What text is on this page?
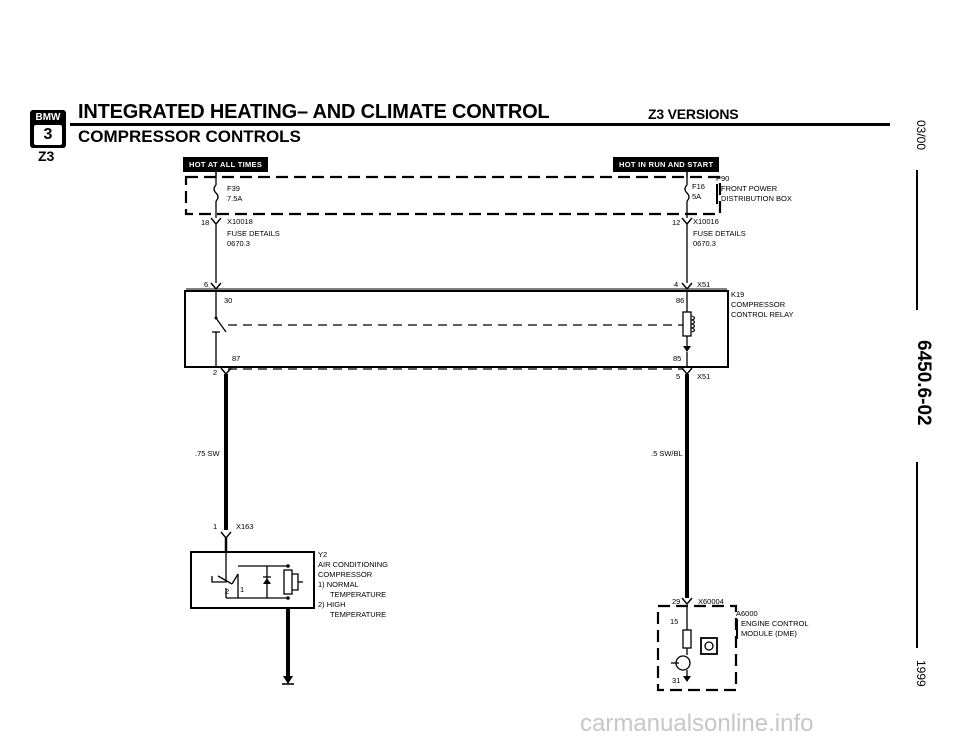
BMW
3
Z3
INTEGRATED HEATING– AND CLIMATE CONTROL	Z3 VERSIONS
COMPRESSOR CONTROLS	03/00
6450.6-02
1999
HOT AT ALL TIMES	HOT IN RUN AND START
F39
7.5A
F16
5A
P90
FRONT POWER
DISTRIBUTION BOX
18 X10018
FUSE DETAILS
0670.3
12 X10016
FUSE DETAILS
0670.3
6	4	X51
30	86
87	85
K19
COMPRESSOR
CONTROL RELAY
2	5 X51
.75 SW	.5 SW/BL
1	X163
2 1
Y2
AIR CONDITIONING
COMPRESSOR
1) NORMAL
TEMPERATURE
2) HIGH
TEMPERATURE
29 X60004
15
31
A6000
ENGINE CONTROL
MODULE (DME)
carmanualsonline.info
